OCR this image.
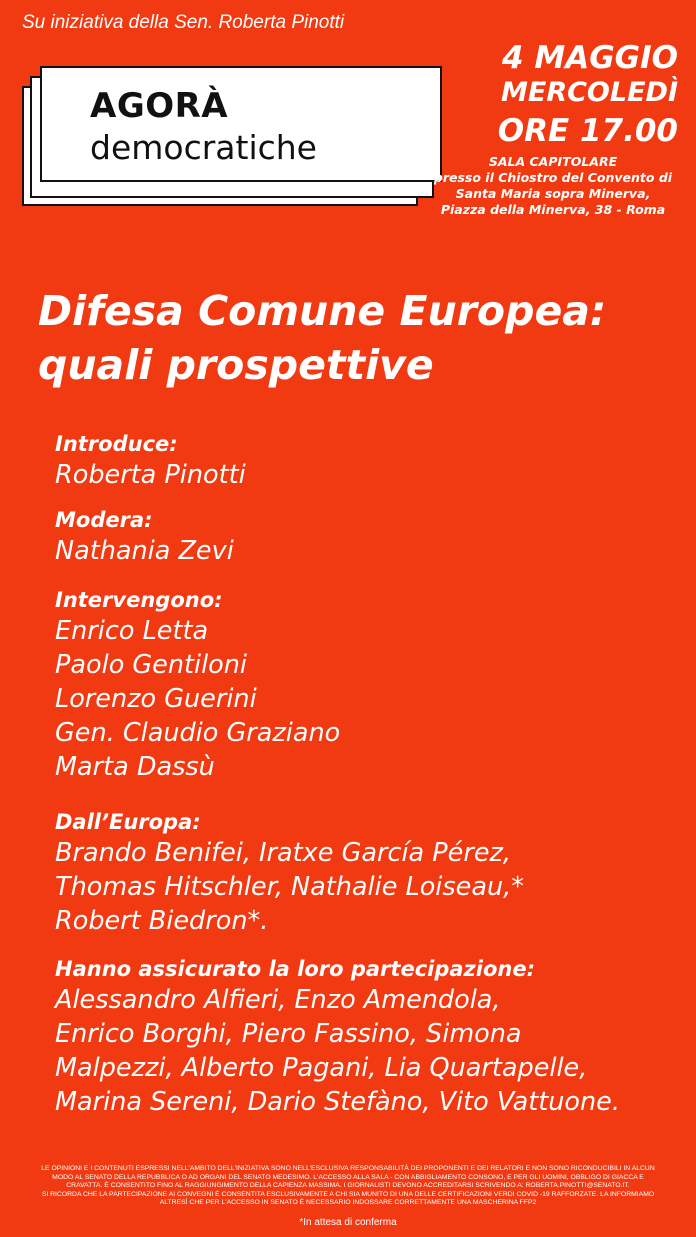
Su iniziativa della Sen. Roberta Pinotti
AGORÀ
democratiche
4 MAGGIO
MERCOLEDÌ
ORE 17.00
SALA CAPITOLARE
presso il Chiostro del Convento di
Santa Maria sopra Minerva,
Piazza della Minerva, 38 - Roma
Difesa Comune Europea:
quali prospettive
Introduce:
Roberta Pinotti
Modera:
Nathania Zevi
Intervengono:

Enrico Letta

Paolo Gentiloni

Lorenzo Guerini

Gen. Claudio Graziano

Marta Dassù

Dall’Europa:

Brando Benifei, Iratxe García Pérez,

Thomas Hitschler, Nathalie Loiseau,*

Robert Biedron*.

Hanno assicurato la loro partecipazione:

Alessandro Alfieri, Enzo Amendola,

Enrico Borghi, Piero Fassino, Simona

Malpezzi, Alberto Pagani, Lia Quartapelle,

Marina Sereni, Dario Stefàno, Vito Vattuone.

LE OPINIONI E I CONTENUTI ESPRESSI NELL'AMBITO DELL'INIZIATIVA SONO NELL'ESCLUSIVA RESPONSABILITÀ DEI PROPONENTI E DEI RELATORI E NON SONO RICONDUCIBILI IN ALCUN
MODO AL SENATO DELLA REPUBBLICA O AD ORGANI DEL SENATO MEDESIMO. L'ACCESSO ALLA SALA - CON ABBIGLIAMENTO CONSONO, E PER GLI UOMINI, OBBLIGO DI GIACCA E
CRAVATTA. È CONSENTITO FINO AL RAGGIUNGIMENTO DELLA CAPIENZA MASSIMA. I GIORNALISTI DEVONO ACCREDITARSI SCRIVENDO A: ROBERTA.PINOTTI@SENATO.IT.
SI RICORDA CHE LA PARTECIPAZIONE AI CONVEGNI È CONSENTITA ESCLUSIVAMENTE A CHI SIA MUNITO DI UNA DELLE CERTIFICAZIONI VERDI COVID -19 RAFFORZATE. LA INFORMIAMO
ALTRESÌ CHE PER L'ACCESSO IN SENATO È NECESSARIO INDOSSARE CORRETTAMENTE UNA MASCHERINA FFP2
*In attesa di conferma
